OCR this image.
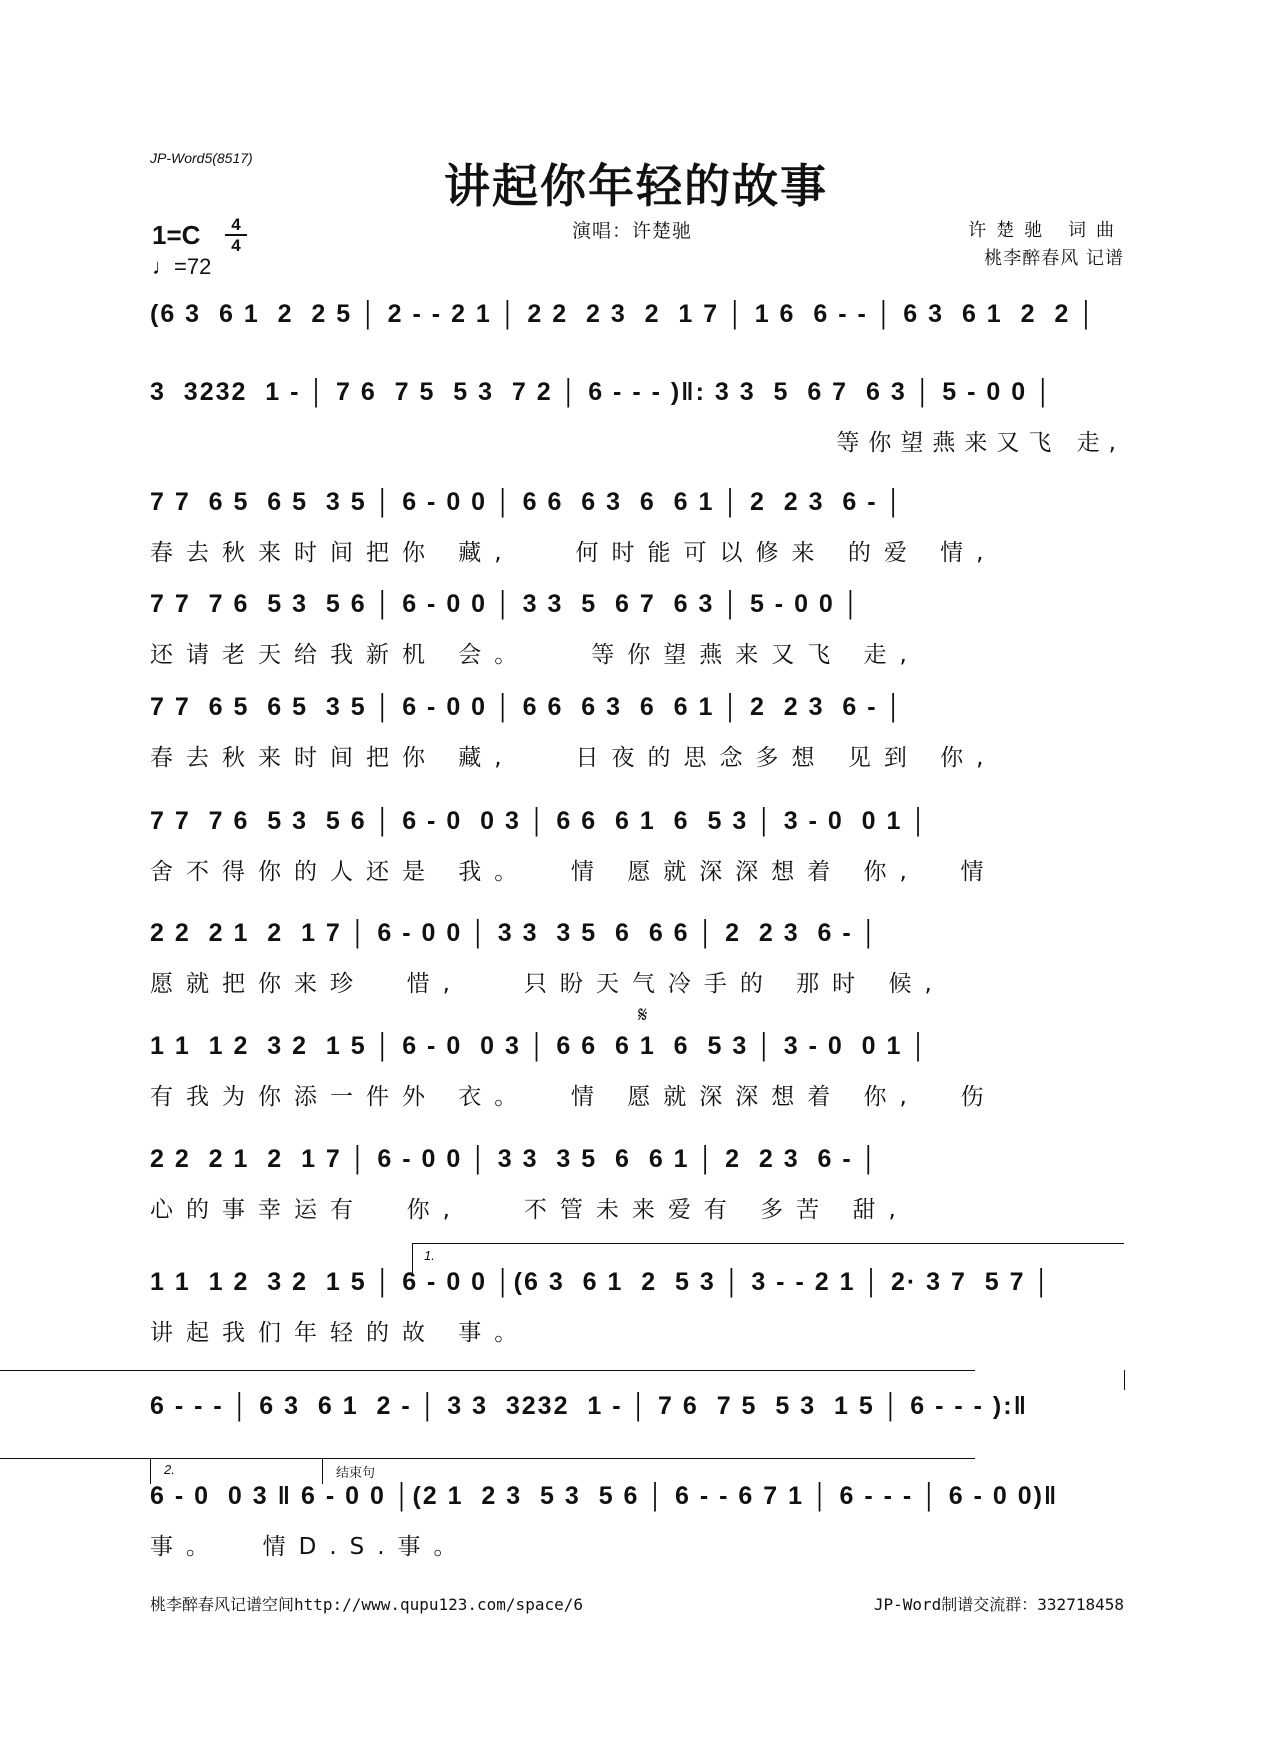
JP-Word5(8517)
讲起你年轻的故事
1=C	4
4
♩=72
演唱：许楚驰	许楚驰 词曲
桃李醉春风 记谱
(6 3  6 1  2  2 5 │ 2 - - 2 1 │ 2 2  2 3  2  1 7 │ 1 6  6 - - │ 6 3  6 1  2  2 │
3  3232  1 - │ 7 6  7 5  5 3  7 2 │ 6 - - - )‖: 3 3  5  6 7  6 3 │ 5 - 0 0 │
等你望燕来又飞 走,
7 7  6 5  6 5  3 5 │ 6 - 0 0 │ 6 6  6 3  6  6 1 │ 2  2 3  6 - │
春去秋来时间把你 藏,   何时能可以修来 的爱 情,
7 7  7 6  5 3  5 6 │ 6 - 0 0 │ 3 3  5  6 7  6 3 │ 5 - 0 0 │
还请老天给我新机 会。   等你望燕来又飞 走,
7 7  6 5  6 5  3 5 │ 6 - 0 0 │ 6 6  6 3  6  6 1 │ 2  2 3  6 - │
春去秋来时间把你 藏,   日夜的思念多想 见到 你,
7 7  7 6  5 3  5 6 │ 6 - 0  0 3 │ 6 6  6 1  6  5 3 │ 3 - 0  0 1 │
舍不得你的人还是 我。  情 愿就深深想着 你,  情
2 2  2 1  2  1 7 │ 6 - 0 0 │ 3 3  3 5  6  6 6 │ 2  2 3  6 - │
愿就把你来珍  惜,   只盼天气冷手的 那时 候,
𝄋
1 1  1 2  3 2  1 5 │ 6 - 0  0 3 │ 6 6  6 1  6  5 3 │ 3 - 0  0 1 │
有我为你添一件外 衣。  情 愿就深深想着 你,  伤
2 2  2 1  2  1 7 │ 6 - 0 0 │ 3 3  3 5  6  6 1 │ 2  2 3  6 - │
心的事幸运有  你,   不管未来爱有 多苦 甜,
1.
1 1  1 2  3 2  1 5 │ 6 - 0 0 │(6 3  6 1  2  5 3 │ 3 - - 2 1 │ 2· 3 7  5 7 │
讲起我们年轻的故 事。
6 - - - │ 6 3  6 1  2 - │ 3 3  3232  1 - │ 7 6  7 5  5 3  1 5 │ 6 - - - ):‖
2.	结束句
6 - 0  0 3 ‖ 6 - 0 0 │(2 1  2 3  5 3  5 6 │ 6 - - 6 7 1 │ 6 - - - │ 6 - 0 0)‖
事。  情D.S.事。
桃李醉春风记谱空间http://www.qupu123.com/space/6	JP-Word制谱交流群：332718458
